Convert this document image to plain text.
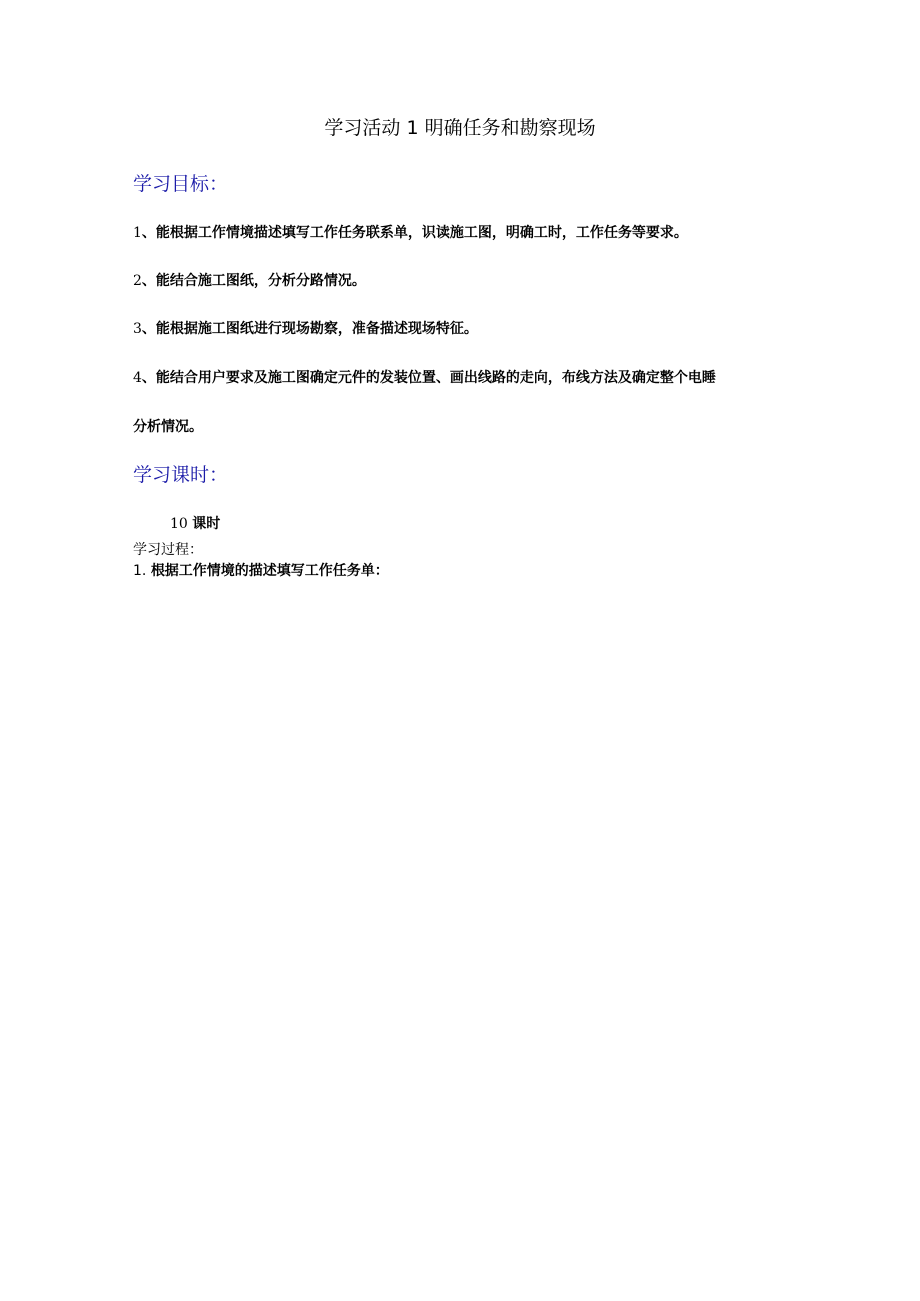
学习活动 1 明确任务和勘察现场
学习目标：
1、能根据工作情境描述填写工作任务联系单，识读施工图，明确工时，工作任务等要求。
2、能结合施工图纸，分析分路情况。
3、能根据施工图纸进行现场勘察，准备描述现场特征。
4、能结合用户要求及施工图确定元件的发装位置、画出线路的走向，布线方法及确定整个电睡
分析情况。
学习课时：
10 课时
学习过程：
1. 根据工作情境的描述填写工作任务单：
